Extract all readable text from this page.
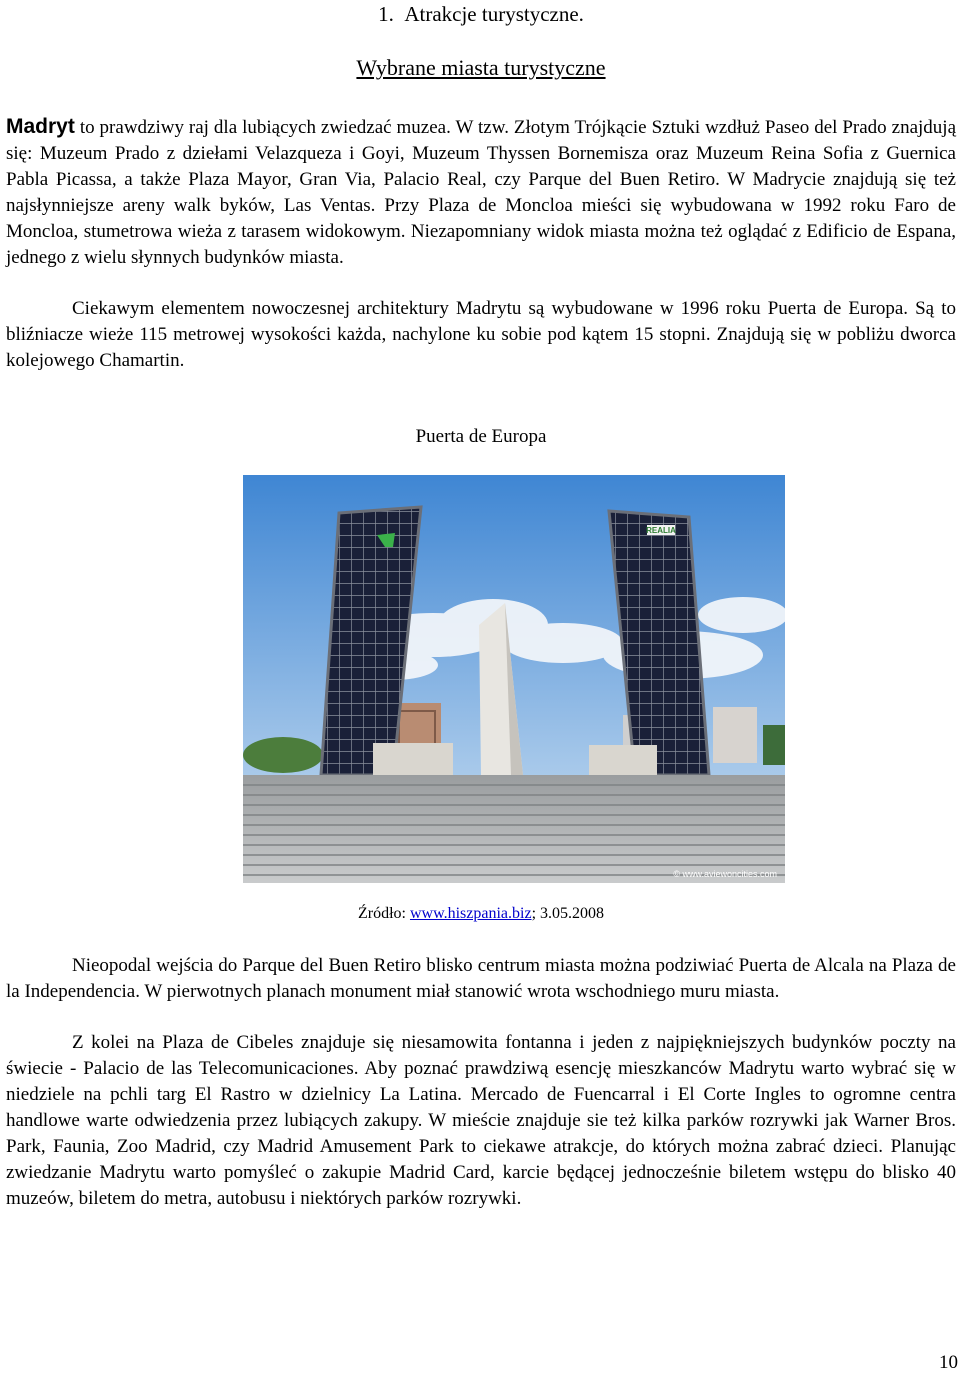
1. Atrakcje turystyczne.
Wybrane miasta turystyczne

Madryt to prawdziwy raj dla lubiących zwiedzać muzea. W tzw. Złotym Trójkącie Sztuki wzdłuż Paseo del Prado znajdują się: Muzeum Prado z dziełami Velazqueza i Goyi, Muzeum Thyssen Bornemisza oraz Muzeum Reina Sofia z Guernica Pabla Picassa, a także Plaza Mayor, Gran Via, Palacio Real, czy Parque del Buen Retiro. W Madrycie znajdują się też najsłynniejsze areny walk byków, Las Ventas. Przy Plaza de Moncloa mieści się wybudowana w 1992 roku Faro de Moncloa, stumetrowa wieża z tarasem widokowym. Niezapomniany widok miasta można też oglądać z Edificio de Espana, jednego z wielu słynnych budynków miasta.

Ciekawym elementem nowoczesnej architektury Madrytu są wybudowane w 1996 roku Puerta de Europa. Są to bliźniacze wieże 115 metrowej wysokości każda, nachylone ku sobie pod kątem 15 stopni. Znajdują się w pobliżu dworca kolejowego Chamartin.

Puerta de Europa
Źródło: www.hiszpania.biz; 3.05.2008

Nieopodal wejścia do Parque del Buen Retiro blisko centrum miasta można podziwiać Puerta de Alcala na Plaza de la Independencia. W pierwotnych planach monument miał stanowić wrota wschodniego muru miasta.

Z kolei na Plaza de Cibeles znajduje się niesamowita fontanna i jeden z najpiękniejszych budynków poczty na świecie - Palacio de las Telecomunicaciones. Aby poznać prawdziwą esencję mieszkanców Madrytu warto wybrać się w niedziele na pchli targ El Rastro w dzielnicy La Latina. Mercado de Fuencarral i El Corte Ingles to ogromne centra handlowe warte odwiedzenia przez lubiących zakupy. W mieście znajduje sie też kilka parków rozrywki jak Warner Bros. Park, Faunia, Zoo Madrid, czy Madrid Amusement Park to ciekawe atrakcje, do których można zabrać dzieci. Planując zwiedzanie Madrytu warto pomyśleć o zakupie Madrid Card, karcie będącej jednocześnie biletem wstępu do blisko 40 muzeów, biletem do metra, autobusu i niektórych parków rozrywki.

REALIA
© www.aviewoncities.com
10
